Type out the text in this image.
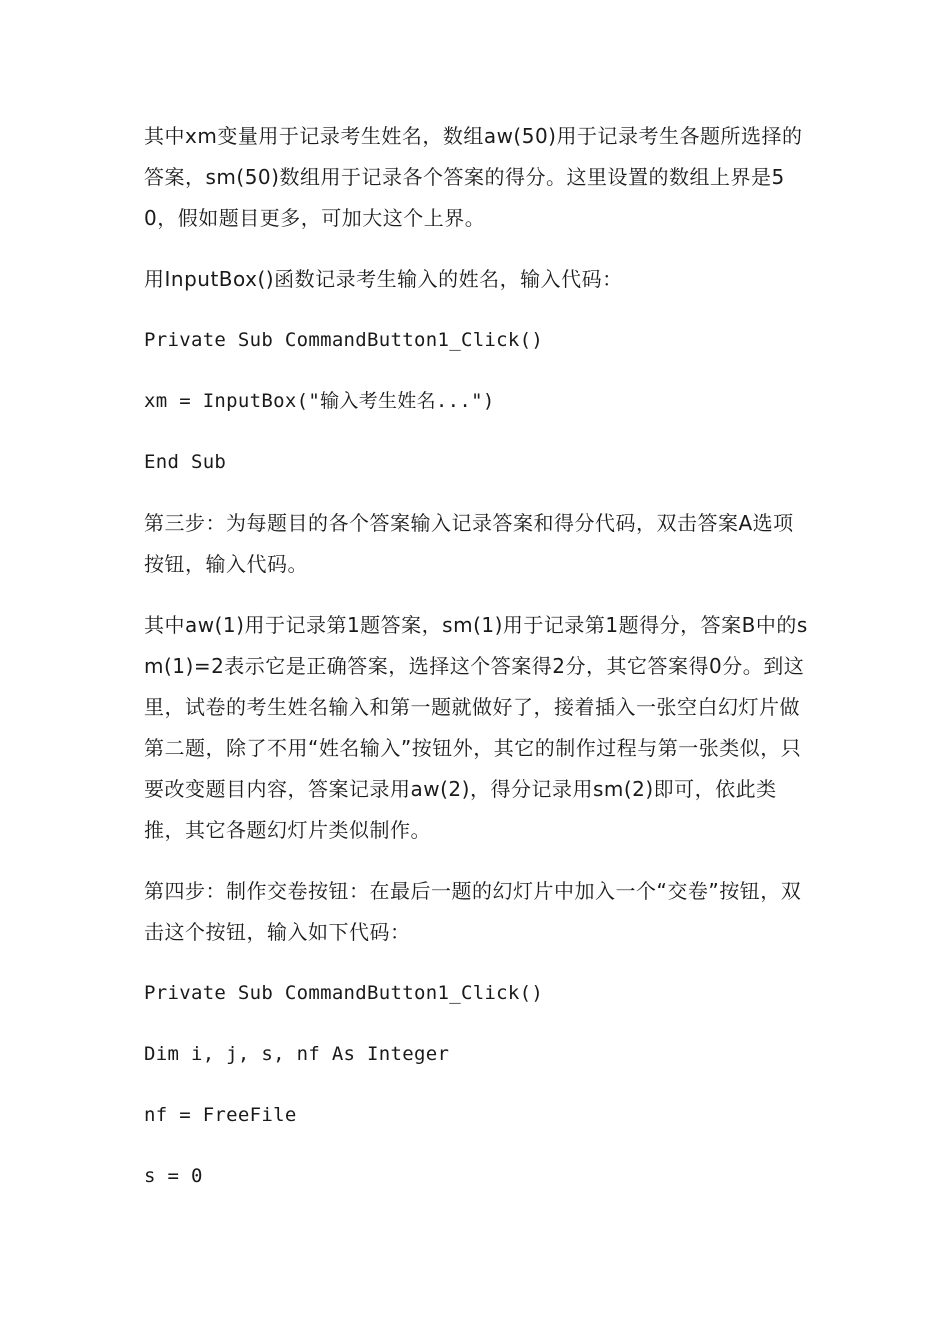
其中xm变量用于记录考生姓名，数组aw(50)用于记录考生各题所选择的答案，sm(50)数组用于记录各个答案的得分。这里设置的数组上界是50，假如题目更多，可加大这个上界。

用InputBox()函数记录考生输入的姓名，输入代码：

Private Sub CommandButton1_Click()

xm = InputBox("输入考生姓名...")

End Sub

第三步：为每题目的各个答案输入记录答案和得分代码，双击答案A选项按钮，输入代码。

其中aw(1)用于记录第1题答案，sm(1)用于记录第1题得分，答案B中的sm(1)=2表示它是正确答案，选择这个答案得2分，其它答案得0分。到这里，试卷的考生姓名输入和第一题就做好了，接着插入一张空白幻灯片做第二题，除了不用“姓名输入”按钮外，其它的制作过程与第一张类似，只要改变题目内容，答案记录用aw(2)，得分记录用sm(2)即可，依此类推，其它各题幻灯片类似制作。

第四步：制作交卷按钮：在最后一题的幻灯片中加入一个“交卷”按钮，双击这个按钮，输入如下代码：

Private Sub CommandButton1_Click()

Dim i, j, s, nf As Integer

nf = FreeFile

s = 0
